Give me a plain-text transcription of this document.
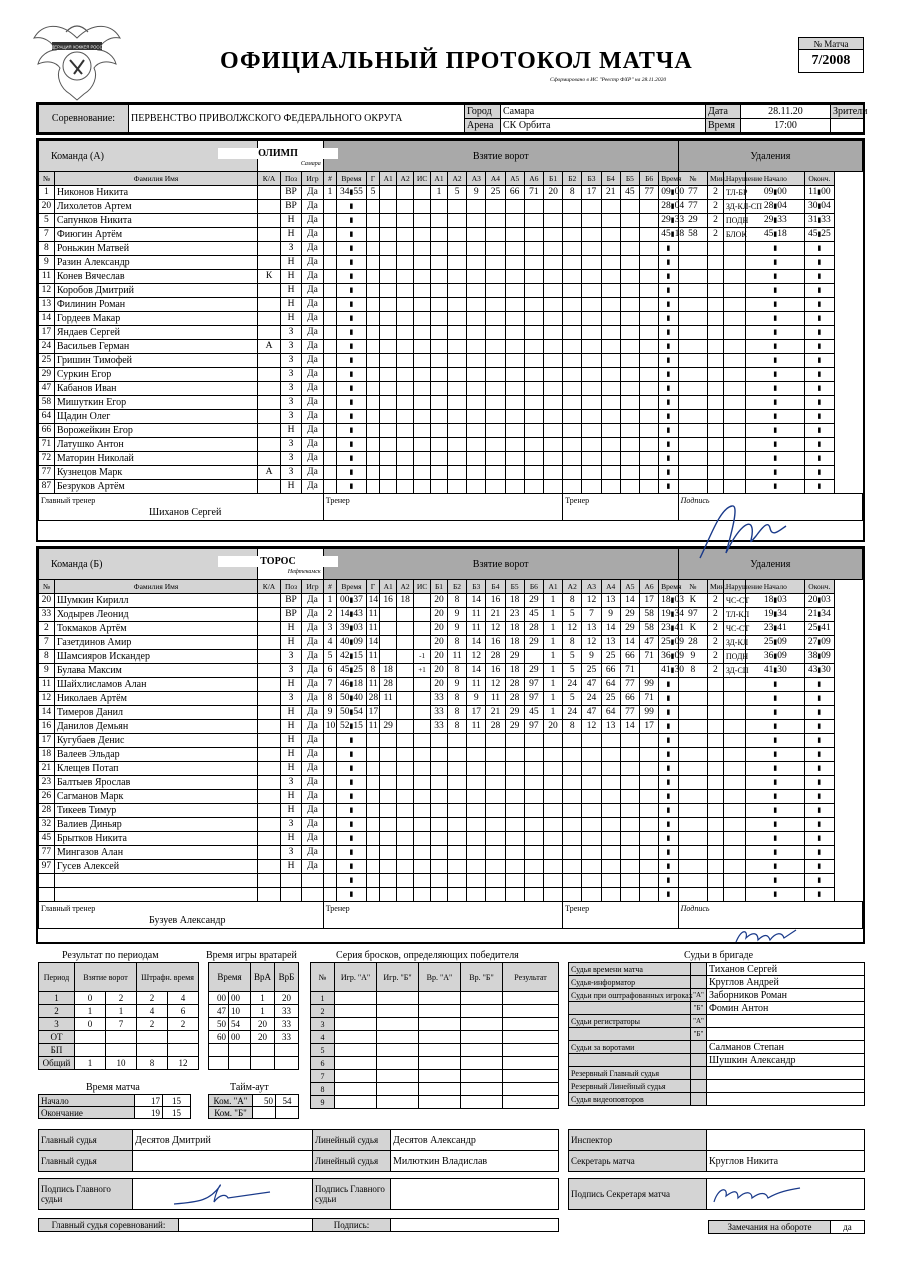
ФЕДЕРАЦИЯ ХОККЕЯ РОССИИ
ОФИЦИАЛЬНЫЙ ПРОТОКОЛ МАТЧА
Сформировано в ИС "Реестр ФХР" на 28.11.2020
№ Матча
7/2008
Соревнование:	ПЕРВЕНСТВО ПРИВОЛЖСКОГО ФЕДЕРАЛЬНОГО ОКРУГА	Город	Самара	Дата	28.11.20	Зрители
		Арена	СК Орбита	Время	17:00	
Команда (А)		Самара			Взятие ворот																			Удаления				
№	Фамилия Имя	К/А	Поз	Игр	#	Время	Г	А1	А2	ИС	А1	А2	А3	А4	А5	А6	Б1	Б2	Б3	Б4	Б5	Б6	Время	№	Мин.	Нарушение	Начало	Оконч.
1	Никонов Никита		ВР	Да	1	34▮55	5				1	5	9	25	66	71	20	8	17	21	45	77	09▮00	77	2	ТЛ-БР	09▮00	11▮00
20	Лихолетов Артем		ВР	Да		▮																	28▮04	77	2	ЗД-КЛ-СП	28▮04	30▮04
5	Сапунков Никита		Н	Да		▮																	29▮33	29	2	ПОДН	29▮33	31▮33
7	Фиюгин Артём		Н	Да		▮																	45▮18	58	2	БЛОК	45▮18	45▮25
8	Роньжин Матвей		З	Да		▮																	▮				▮	▮
9	Разин Александр		Н	Да		▮																	▮				▮	▮
11	Конев Вячеслав	К	Н	Да		▮																	▮				▮	▮
12	Коробов Дмитрий		Н	Да		▮																	▮				▮	▮
13	Филинин Роман		Н	Да		▮																	▮				▮	▮
14	Гордеев Макар		Н	Да		▮																	▮				▮	▮
17	Яндаев Сергей		З	Да		▮																	▮				▮	▮
24	Васильев Герман	А	З	Да		▮																	▮				▮	▮
25	Гришин Тимофей		З	Да		▮																	▮				▮	▮
29	Суркин Егор		З	Да		▮																	▮				▮	▮
47	Кабанов Иван		З	Да		▮																	▮				▮	▮
58	Мишуткин Егор		З	Да		▮																	▮				▮	▮
64	Щадин Олег		З	Да		▮																	▮				▮	▮
66	Ворожейкин Егор		Н	Да		▮																	▮				▮	▮
71	Латушко Антон		З	Да		▮																	▮				▮	▮
72	Маторин Николай		З	Да		▮																	▮				▮	▮
77	Кузнецов Марк	А	З	Да		▮																	▮				▮	▮
87	Безруков Артём		Н	Да		▮																	▮				▮	▮
Главный тренер
Шиханов Сергей					Тренер													Тренер						Подпись				
ОЛИМП
Команда (Б)		Нефтекамск			Взятие ворот																			Удаления				
№	Фамилия Имя	К/А	Поз	Игр	#	Время	Г	А1	А2	ИС	Б1	Б2	Б3	Б4	Б5	Б6	А1	А2	А3	А4	А5	А6	Время	№	Мин.	Нарушение	Начало	Оконч.
20	Шумкин Кирилл		ВР	Да	1	00▮37	14	16	18		20	8	14	16	18	29	1	8	12	13	14	17	18▮03	К	2	ЧС-СТ	18▮03	20▮03
33	Ходырев Леонид		ВР	Да	2	14▮43	11				20	9	11	21	23	45	1	5	7	9	29	58	19▮34	97	2	ТЛ-КЛ	19▮34	21▮34
2	Токмаков Артём		Н	Да	3	39▮03	11				20	9	11	12	18	28	1	12	13	14	29	58	23▮41	К	2	ЧС-СТ	23▮41	25▮41
7	Газетдинов Амир		Н	Да	4	40▮09	14				20	8	14	16	18	29	1	8	12	13	14	47	25▮09	28	2	ЗД-КЛ	25▮09	27▮09
8	Шамсияров Искандер		З	Да	5	42▮15	11			-1	20	11	12	28	29		1	5	9	25	66	71	36▮09	9	2	ПОДН	36▮09	38▮09
9	Булава Максим		З	Да	6	45▮25	8	18		+1	20	8	14	16	18	29	1	5	25	66	71		41▮30	8	2	ЗД-СП	41▮30	43▮30
11	Шайхлисламов Алан		Н	Да	7	46▮18	11	28			20	9	11	12	28	97	1	24	47	64	77	99	▮				▮	▮
12	Николаев Артём		З	Да	8	50▮40	28	11			33	8	9	11	28	97	1	5	24	25	66	71	▮				▮	▮
14	Тимеров Данил		Н	Да	9	50▮54	17				33	8	17	21	29	45	1	24	47	64	77	99	▮				▮	▮
16	Данилов Демьян		Н	Да	10	52▮15	11	29			33	8	11	28	29	97	20	8	12	13	14	17	▮				▮	▮
17	Кугубаев Денис		Н	Да		▮																	▮				▮	▮
18	Валеев Эльдар		Н	Да		▮																	▮				▮	▮
21	Клещев Потап		Н	Да		▮																	▮				▮	▮
23	Балтыев Ярослав		З	Да		▮																	▮				▮	▮
26	Сагманов Марк		Н	Да		▮																	▮				▮	▮
28	Тикеев Тимур		Н	Да		▮																	▮				▮	▮
32	Валиев Диньяр		З	Да		▮																	▮				▮	▮
45	Брытков Никита		Н	Да		▮																	▮				▮	▮
77	Мингазов Алан		З	Да		▮																	▮				▮	▮
97	Гусев Алексей		Н	Да		▮																	▮				▮	▮
						▮																	▮				▮	▮
						▮																	▮				▮	▮
Главный тренер
Бузуев Александр					Тренер													Тренер						Подпись				
ТОРОС
Результат по периодам
Период	Взятие ворот		Штрафн. время	
1	0	2	2	4
2	1	1	4	6
3	0	7	2	2
ОТ				
БП				
Общий	1	10	8	12
Время игры вратарей
Время		ВрА	ВрБ
00	00	1	20
47	10	1	33
50	54	20	33
60	00	20	33

Время матча
Начало	17	15
Окончание	19	15
Тайм-аут
Ком. "А"	50	54
Ком. "Б"		
Серия бросков, определяющих победителя
№	Игр. "А"	Игр. "Б"	Вр. "А"	Вр. "Б"	Результат
1					
2					
3					
4					
5					
6					
7					
8					
9					
Судьи в бригаде
Судья времени матча		Тиханов Сергей
Судья-информатор		Круглов Андрей
Судьи при оштрафованных игроках	"А"	Заборников Роман
	"Б"	Фомин Антон
Судьи регистраторы	"А"	
	"Б"	
Судьи за воротами		Салманов Степан
		Шушкин Александр
Резервный Главный судья		
Резервный Линейный судья		
Судья видеоповторов		
Главный судья	Десятов Дмитрий	Линейный судья	Десятов Александр
Главный судья		Линейный судья	Милюткин Владислав
Инспектор	
Секретарь матча	Круглов Никита
Подпись Главного судьи		Подпись Главного судьи		Подпись Секретаря матча	
Главный судья соревнований:		Подпись:		Замечания на обороте	да
